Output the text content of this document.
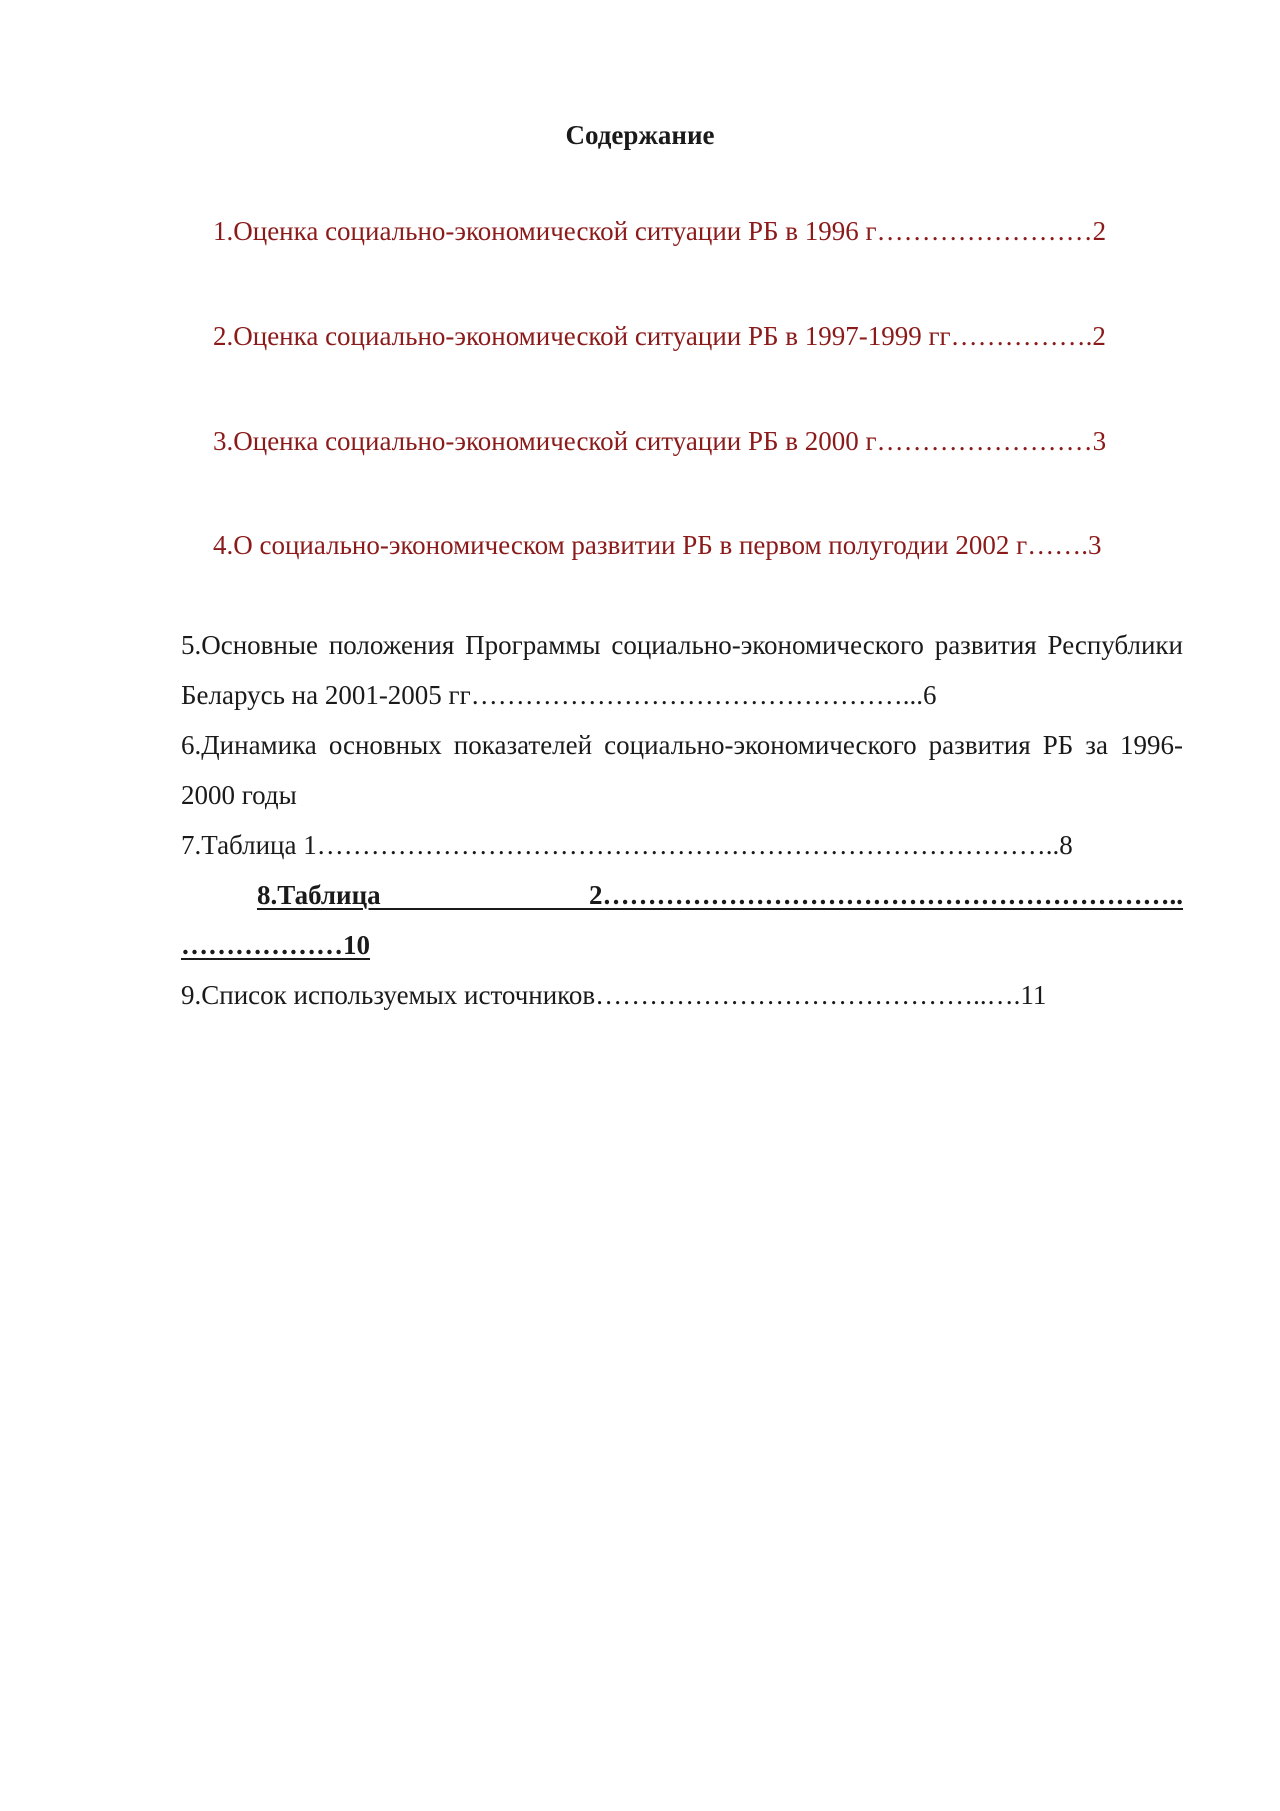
Содержание

1.Оценка социально-экономической ситуации РБ в 1996 г……………………2

2.Оценка социально-экономической ситуации РБ в 1997-1999 гг…………….2

3.Оценка социально-экономической ситуации РБ в 2000 г……………………3

4.О социально-экономическом развитии РБ в первом полугодии 2002 г…….3

5.Основные положения Программы социально-экономического развития Республики Беларусь на 2001-2005 гг…………………………………………...6

6.Динамика основных показателей социально-экономического развития РБ за 1996-2000 годы

7.Таблица 1………………………………………………………………………..8

8.Таблица 2………………………………………………………..
………………10

9.Список используемых источников……………………………………..….11
